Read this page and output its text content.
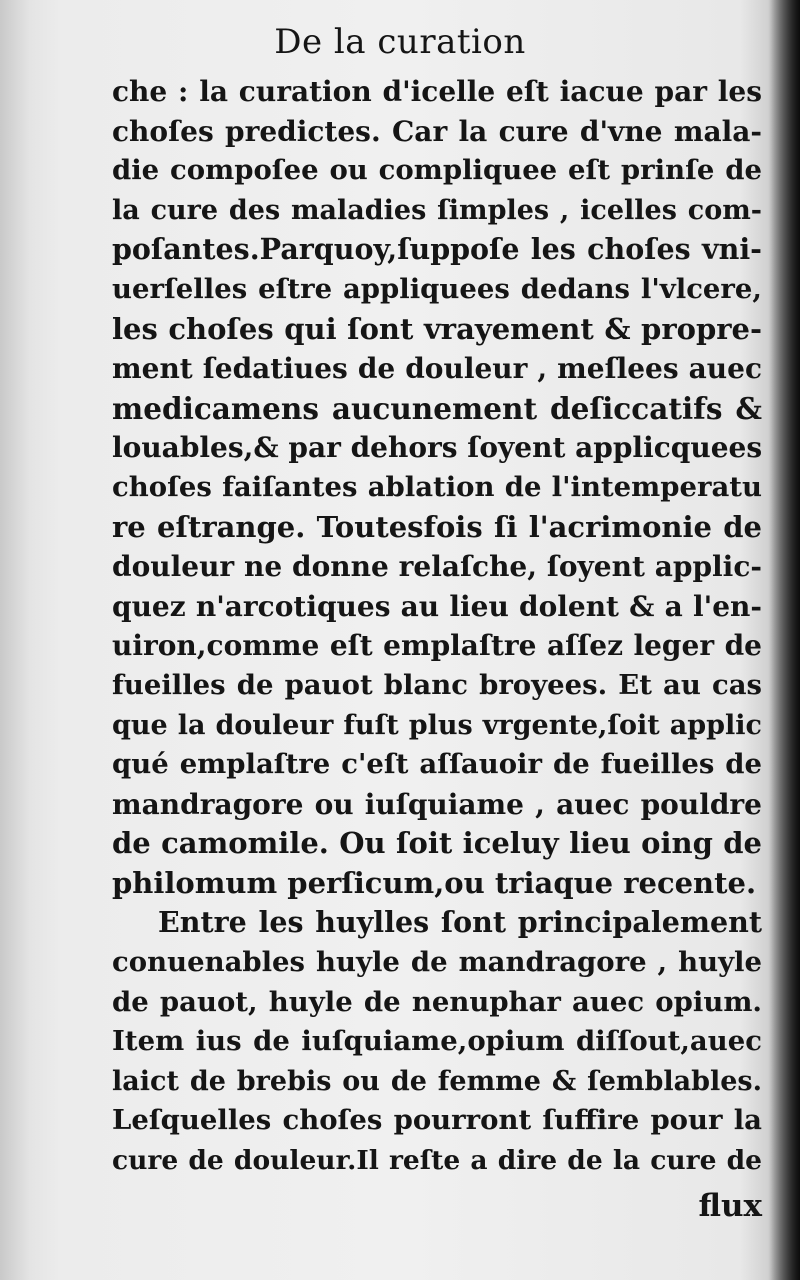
De la curation
che : la curation d'icelle eſt iacue par les
choſes predictes. Car la cure d'vne mala-
die compoſee ou compliquee eſt prinſe de
la cure des maladies ſimples , icelles com-
poſantes.Parquoy,ſuppoſe les choſes vni-
uerſelles eſtre appliquees dedans l'vlcere,
les choſes qui ſont vrayement & propre-
ment ſedatiues de douleur , meſlees auec
medicamens aucunement deſiccatifs &
louables,& par dehors ſoyent applicquees
choſes faiſantes ablation de l'intemperatu
re eſtrange. Toutesfois ſi l'acrimonie de
douleur ne donne relaſche, ſoyent applic-
quez n'arcotiques au lieu dolent & a l'en-
uiron,comme eſt emplaſtre aſſez leger de
fueilles de pauot blanc broyees. Et au cas
que la douleur fuſt plus vrgente,ſoit applic
qué emplaſtre c'eſt aſſauoir de fueilles de
mandragore ou iuſquiame , auec pouldre
de camomile. Ou ſoit iceluy lieu oing de
philomum perſicum,ou triaque recente.
Entre les huylles ſont principalement
conuenables huyle de mandragore , huyle
de pauot, huyle de nenuphar auec opium.
Item ius de iuſquiame,opium diſſout,auec
laict de brebis ou de femme & ſemblables.
Leſquelles choſes pourront ſuffire pour la
cure de douleur.Il reſte a dire de la cure de
flux
